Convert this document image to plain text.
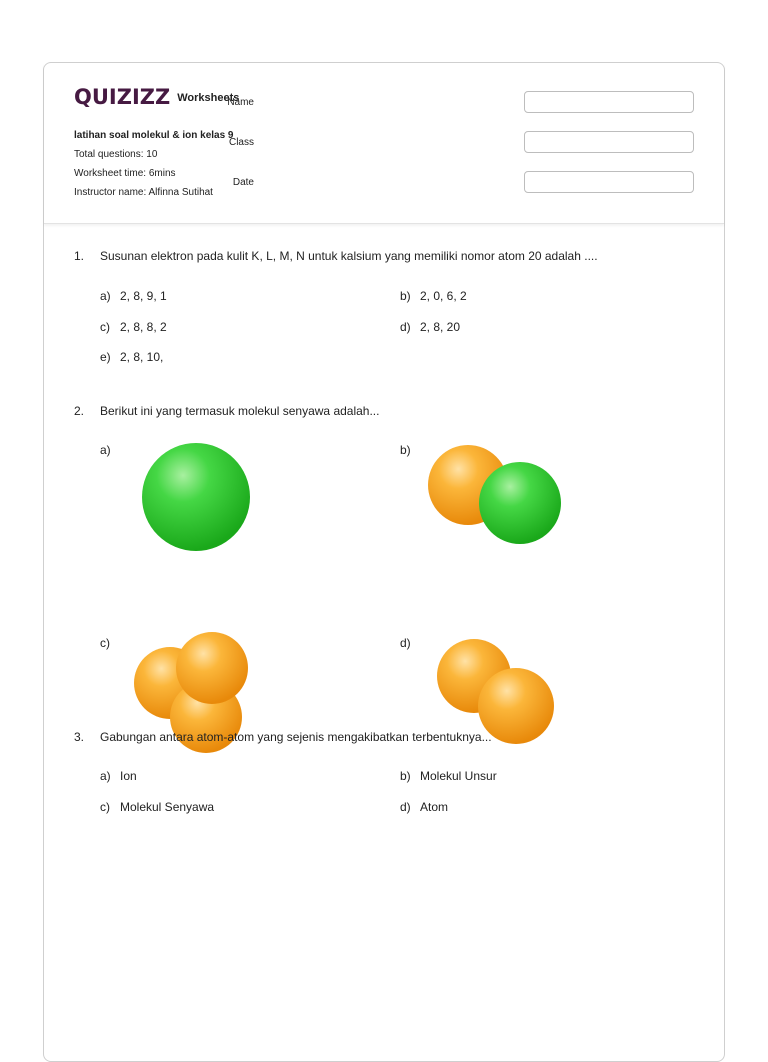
QUIZIZZ Worksheets
latihan soal molekul & ion kelas 9
Total questions: 10
Worksheet time: 6mins
Instructor name: Alfinna Sutihat
Name
Class
Date
1. Susunan elektron pada kulit K, L, M, N untuk kalsium yang memiliki nomor atom 20 adalah ....
a) 2, 8, 9, 1	b) 2, 0, 6, 2
c) 2, 8, 8, 2	d) 2, 8, 20
e) 2, 8, 10,
2. Berikut ini yang termasuk molekul senyawa adalah...
a)	b)
c)	d)
3. Gabungan antara atom-atom yang sejenis mengakibatkan terbentuknya...
a) Ion	b) Molekul Unsur
c) Molekul Senyawa	d) Atom
